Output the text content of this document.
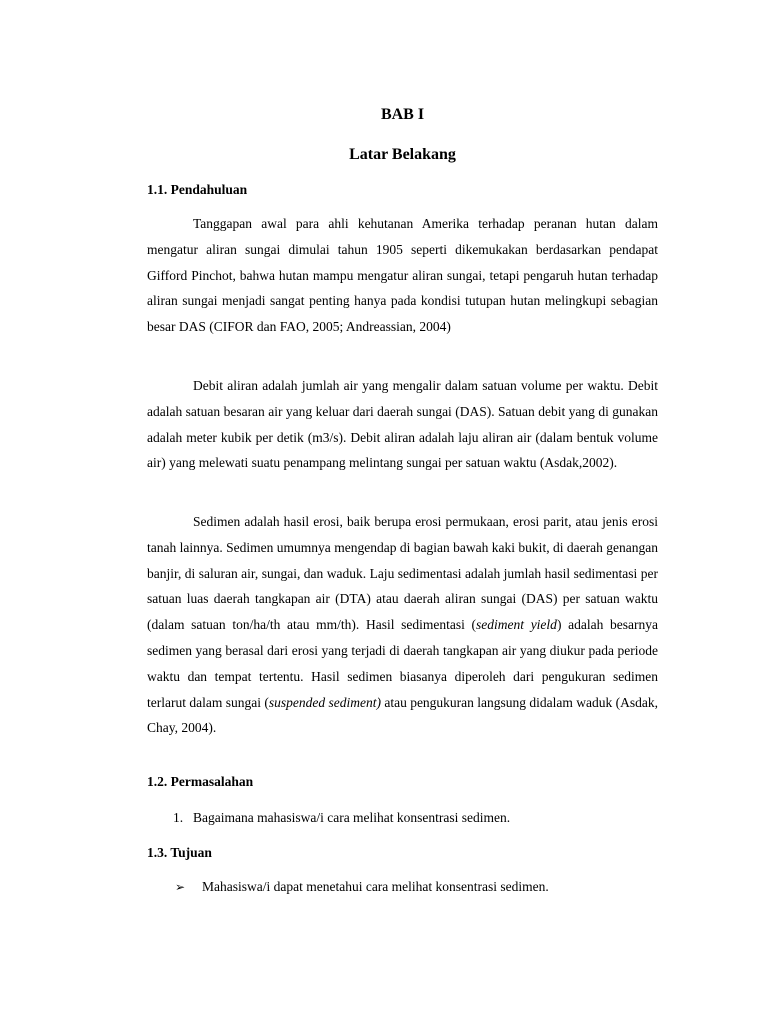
BAB I
Latar Belakang
1.1. Pendahuluan

Tanggapan awal para ahli kehutanan Amerika terhadap peranan hutan dalam mengatur aliran sungai dimulai tahun 1905 seperti dikemukakan berdasarkan pendapat Gifford Pinchot, bahwa hutan mampu mengatur aliran sungai, tetapi pengaruh hutan terhadap aliran sungai menjadi sangat penting hanya pada kondisi tutupan hutan melingkupi sebagian besar DAS (CIFOR dan FAO, 2005; Andreassian, 2004)

Debit aliran adalah jumlah air yang mengalir dalam satuan volume per waktu. Debit adalah satuan besaran air yang keluar dari daerah sungai (DAS). Satuan debit yang di gunakan adalah meter kubik per detik (m3/s). Debit aliran adalah laju aliran air (dalam bentuk volume air) yang melewati suatu penampang melintang sungai per satuan waktu (Asdak,2002).

Sedimen adalah hasil erosi, baik berupa erosi permukaan, erosi parit, atau jenis erosi tanah lainnya. Sedimen umumnya mengendap di bagian bawah kaki bukit, di daerah genangan banjir, di saluran air, sungai, dan waduk. Laju sedimentasi adalah jumlah hasil sedimentasi per satuan luas daerah tangkapan air (DTA) atau daerah aliran sungai (DAS) per satuan waktu (dalam satuan ton/ha/th atau mm/th). Hasil sedimentasi (sediment yield) adalah besarnya sedimen yang berasal dari erosi yang terjadi di daerah tangkapan air yang diukur pada periode waktu dan tempat tertentu. Hasil sedimen biasanya diperoleh dari pengukuran sedimen terlarut dalam sungai (suspended sediment) atau pengukuran langsung didalam waduk (Asdak, Chay, 2004).

1.2. Permasalahan
1. Bagaimana mahasiswa/i cara melihat konsentrasi sedimen.
1.3. Tujuan
➢ Mahasiswa/i dapat menetahui cara melihat konsentrasi sedimen.
